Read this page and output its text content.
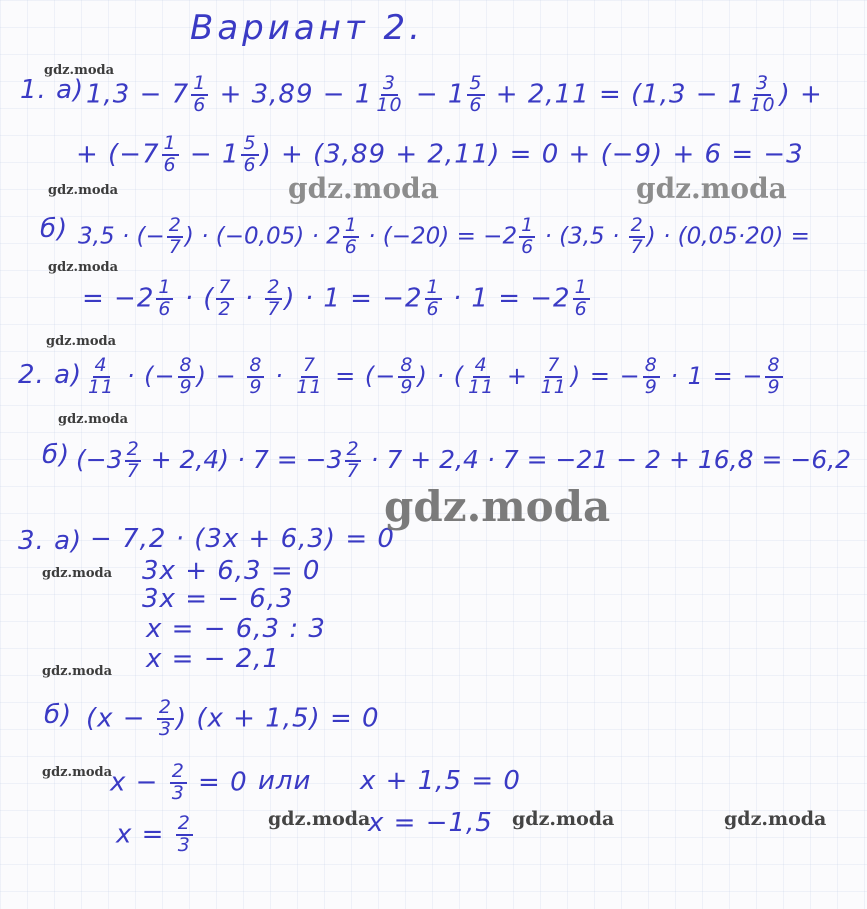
Вариант 2.
1. а) $1,3 - 7 \frac{1}{6} + 3,89 - 1 \frac{3}{10} - 1 \frac{5}{6} + 2,11 = (1,3 - 1 \frac{3}{10}$ ) +
+ ($-7 \frac{1}{6} - 1 \frac{5}{6}$ ) + (3,89 + 2,11) = 0 + (−9) + 6 = −3
б) 3,5 · (− $\frac{2}{7}$ ) · $(-0,05) \cdot 2 \frac{1}{6} \cdot (-20) = -2 \frac{1}{6} \cdot (3,5 \cdot \frac{2}{7}$ ) · (0,05·20) =
= $-2 \frac{1}{6}$ · ( $\frac{7}{2} \cdot \frac{2}{7}$ ) · $1 = -2 \frac{1}{6} \cdot 1 = -2 \frac{1}{6}$
2. $а) \frac{4}{11}$ · (− $\frac{8}{9}$ ) − $\frac{8}{9} \cdot \frac{7}{11}$ = (− $\frac{8}{9}$ ) · ( $\frac{4}{11} + \frac{7}{11}$ ) = − $\frac{8}{9} \cdot 1$ = − $\frac{8}{9}$
б) $(-3 \frac{2}{7} + 2,4) \cdot 7 = -3 \frac{2}{7} \cdot 7 + 2,4 \cdot 7 = -21 - 2 + 16,8 = -6,2$
3. а) − 7,2 · (3x + 6,3) = 0
3x + 6,3 = 0
3x = − 6,3
x = − 6,3 : 3
x = − 2,1
б) ($x - \frac{2}{3}$ ) (x + 1,5) = 0
$x - \frac{2}{3} = 0$ или x + 1,5 = 0
$x = \frac{2}{3}$	x = −1,5
gdz.moda
gdz.moda
gdz.moda
gdz.moda
gdz.moda
gdz.moda
gdz.moda
gdz.moda
gdz.moda	gdz.moda	gdz.moda
gdz.moda	gdz.moda
gdz.moda
